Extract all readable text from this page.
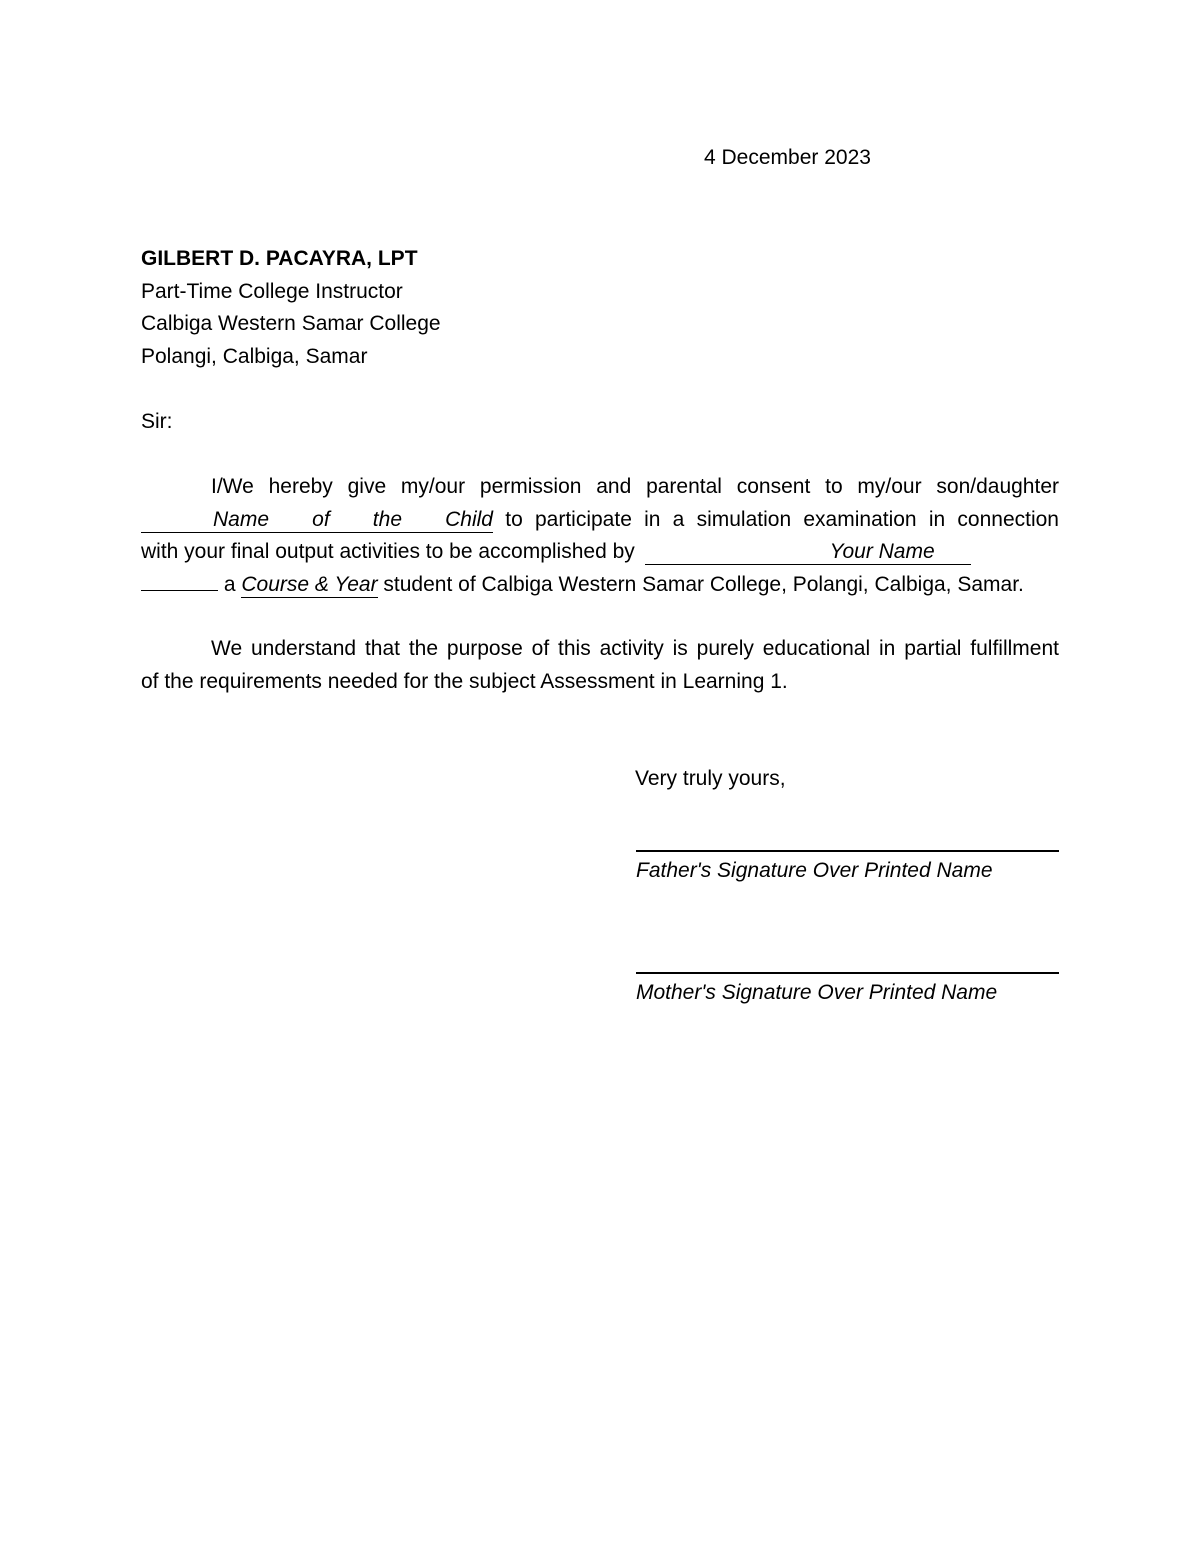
4 December 2023
GILBERT D. PACAYRA, LPT
Part-Time College Instructor
Calbiga Western Samar College
Polangi, Calbiga, Samar
Sir:
I/We hereby give my/our permission and parental consent to my/our son/daughter
Name of the Child to participate in a simulation examination in connection
with your final output activities to be accomplished by	Your Name
a Course & Year student of Calbiga Western Samar College, Polangi, Calbiga, Samar.
We understand that the purpose of this activity is purely educational in partial fulfillment
of the requirements needed for the subject Assessment in Learning 1.
Very truly yours,
Father's Signature Over Printed Name
Mother's Signature Over Printed Name
